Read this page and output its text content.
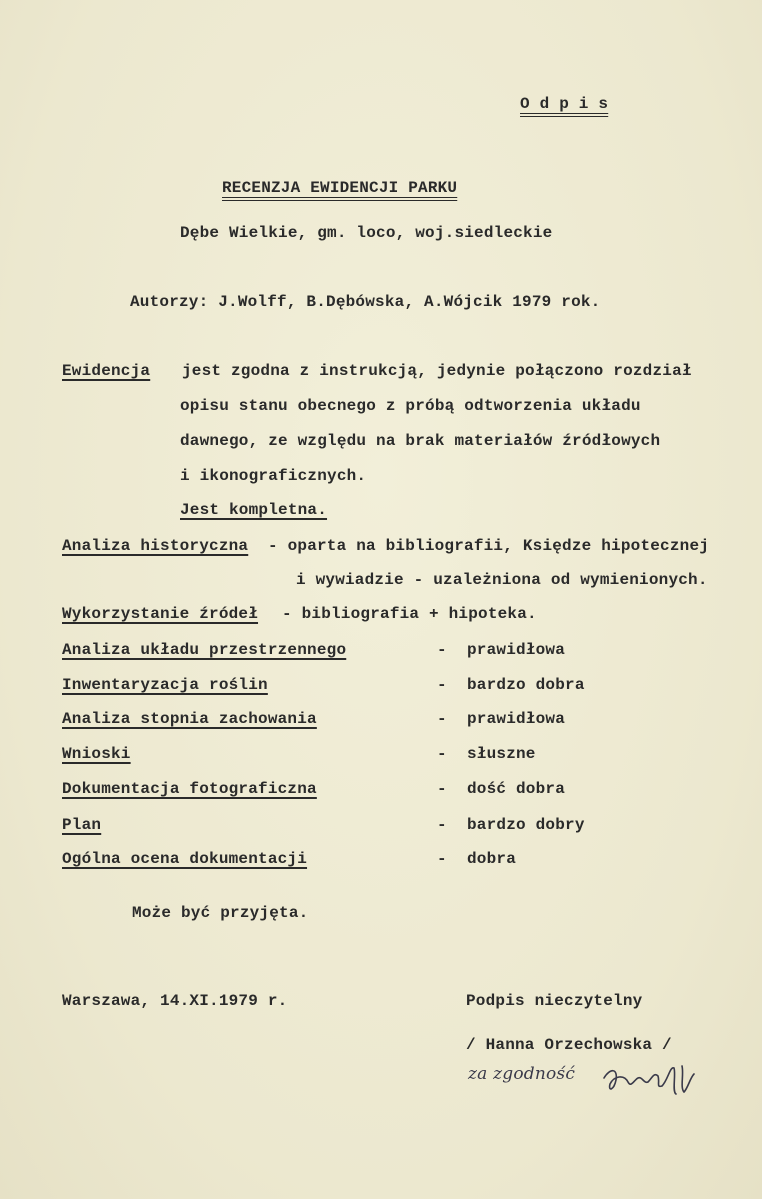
O d p i s
RECENZJA EWIDENCJI PARKU
Dębe Wielkie, gm. loco, woj.siedleckie
Autorzy: J.Wolff, B.Dębówska, A.Wójcik 1979 rok.
Ewidencja jest zgodna z instrukcją, jedynie połączono rozdział
opisu stanu obecnego z próbą odtworzenia układu
dawnego, ze względu na brak materiałów źródłowych
i ikonograficznych.
Jest kompletna.
Analiza historyczna - oparta na bibliografii, Księdze hipotecznej
i wywiadzie - uzależniona od wymienionych.
Wykorzystanie źródeł - bibliografia + hipoteka.
Analiza układu przestrzennego	- prawidłowa
Inwentaryzacja roślin	- bardzo dobra
Analiza stopnia zachowania	- prawidłowa
Wnioski	- słuszne
Dokumentacja fotograficzna	- dość dobra
Plan	- bardzo dobry
Ogólna ocena dokumentacji	- dobra
Może być przyjęta.
Warszawa, 14.XI.1979 r.	Podpis nieczytelny
/ Hanna Orzechowska /
za zgodność
